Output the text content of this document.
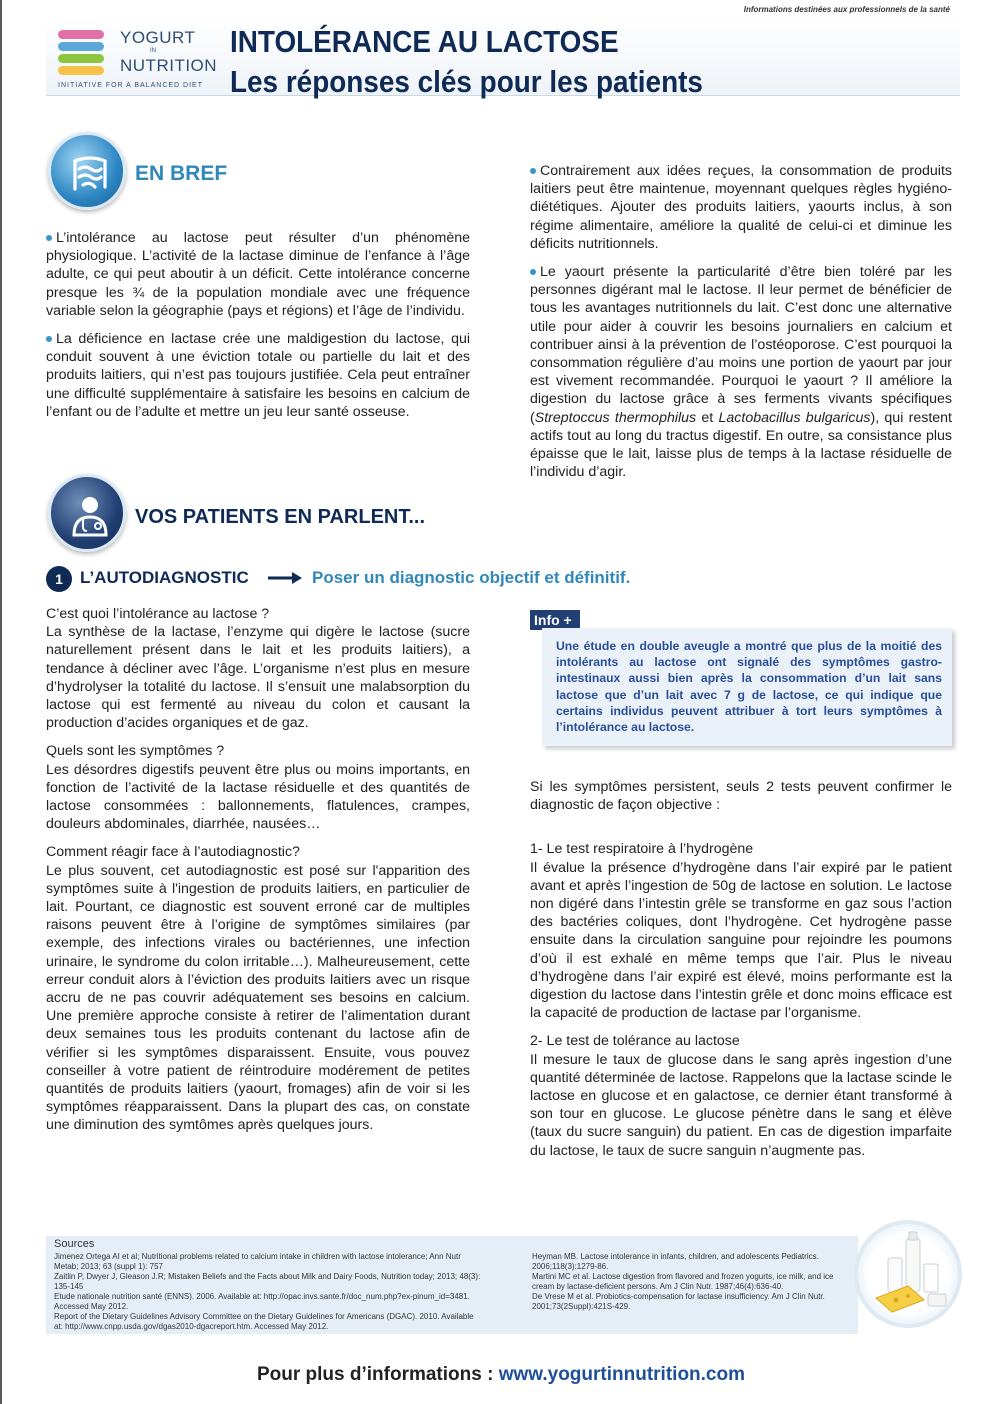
Informations destinées aux professionnels de la santé
YOGURT
IN
NUTRITION
INITIATIVE FOR A BALANCED DIET
INTOLÉRANCE AU LACTOSE
Les réponses clés pour les patients
EN BREF

L’intolérance au lactose peut résulter d’un phénomène physiologique. L’activité de la lactase diminue de l’enfance à l’âge adulte, ce qui peut aboutir à un déficit. Cette intolérance concerne presque les ¾ de la population mondiale avec une fréquence variable selon la géographie (pays et régions) et l’âge de l’individu.

La déficience en lactase crée une maldigestion du lactose, qui conduit souvent à une éviction totale ou partielle du lait et des produits laitiers, qui n’est pas toujours justifiée. Cela peut entraîner une difficulté supplémentaire à satisfaire les besoins en calcium de l’enfant ou de l’adulte et mettre un jeu leur santé osseuse.

Contrairement aux idées reçues, la consommation de produits laitiers peut être maintenue, moyennant quelques règles hygiéno-diététiques. Ajouter des produits laitiers, yaourts inclus, à son régime alimentaire, améliore la qualité de celui-ci et diminue les déficits nutritionnels.

Le yaourt présente la particularité d’être bien toléré par les personnes digérant mal le lactose. Il leur permet de bénéficier de tous les avantages nutritionnels du lait. C’est donc une alternative utile pour aider à couvrir les besoins journaliers en calcium et contribuer ainsi à la prévention de l’ostéoporose. C’est pourquoi la consommation régulière d’au moins une portion de yaourt par jour est vivement recommandée. Pourquoi le yaourt ? Il améliore la digestion du lactose grâce à ses ferments vivants spécifiques (Streptoccus thermophilus et Lactobacillus bulgaricus), qui restent actifs tout au long du tractus digestif. En outre, sa consistance plus épaisse que le lait, laisse plus de temps à la lactase résiduelle de l’individu d’agir.

VOS PATIENTS EN PARLENT...
1	L’AUTODIAGNOSTIC	Poser un diagnostic objectif et définitif.

C’est quoi l’intolérance au lactose ?
La synthèse de la lactase, l’enzyme qui digère le lactose (sucre naturellement présent dans le lait et les produits laitiers), a tendance à décliner avec l’âge. L’organisme n’est plus en mesure d’hydrolyser la totalité du lactose. Il s’ensuit une malabsorption du lactose qui est fermenté au niveau du colon et causant la production d’acides organiques et de gaz.

Quels sont les symptômes ?
Les désordres digestifs peuvent être plus ou moins importants, en fonction de l’activité de la lactase résiduelle et des quantités de lactose consommées : ballonnements, flatulences, crampes, douleurs abdominales, diarrhée, nausées…

Comment réagir face à l’autodiagnostic?
Le plus souvent, cet autodiagnostic est posé sur l'apparition des symptômes suite à l'ingestion de produits laitiers, en particulier de lait. Pourtant, ce diagnostic est souvent erroné car de multiples raisons peuvent être à l’origine de symptômes similaires (par exemple, des infections virales ou bactériennes, une infection urinaire, le syndrome du colon irritable…). Malheureusement, cette erreur conduit alors à l’éviction des produits laitiers avec un risque accru de ne pas couvrir adéquatement ses besoins en calcium. Une première approche consiste à retirer de l’alimentation durant deux semaines tous les produits contenant du lactose afin de vérifier si les symptômes disparaissent. Ensuite, vous pouvez conseiller à votre patient de réintroduire modérement de petites quantités de produits laitiers (yaourt, fromages) afin de voir si les symptômes réapparaissent. Dans la plupart des cas, on constate une diminution des symtômes après quelques jours.

Info +
Une étude en double aveugle a montré que plus de la moitié des intolérants au lactose ont signalé des symptômes gastro-intestinaux aussi bien après la consommation d’un lait sans lactose que d’un lait avec 7 g de lactose, ce qui indique que certains individus peuvent attribuer à tort leurs symptômes à l’intolérance au lactose.

Si les symptômes persistent, seuls 2 tests peuvent confirmer le diagnostic de façon objective :

1- Le test respiratoire à l’hydrogène
Il évalue la présence d’hydrogène dans l’air expiré par le patient avant et après l’ingestion de 50g de lactose en solution. Le lactose non digéré dans l’intestin grêle se transforme en gaz sous l’action des bactéries coliques, dont l’hydrogène. Cet hydrogène passe ensuite dans la circulation sanguine pour rejoindre les poumons d’où il est exhalé en même temps que l’air. Plus le niveau d’hydrogène dans l’air expiré est élevé, moins performante est la digestion du lactose dans l’intestin grêle et donc moins efficace est la capacité de production de lactase par l’organisme.

2- Le test de tolérance au lactose
Il mesure le taux de glucose dans le sang après ingestion d’une quantité déterminée de lactose. Rappelons que la lactase scinde le lactose en glucose et en galactose, ce dernier étant transformé à son tour en glucose. Le glucose pénètre dans le sang et élève (taux du sucre sanguin) du patient. En cas de digestion imparfaite du lactose, le taux de sucre sanguin n’augmente pas.

Sources
Jimenez Ortega AI et al; Nutritional problems related to calcium intake in children with lactose intolerance; Ann Nutr Metab; 2013; 63 (suppl 1): 757
Zaitlin P, Dwyer J, Gleason J.R; Mistaken Beliefs and the Facts about Milk and Dairy Foods, Nutrition today; 2013; 48(3): 135-145
Etude nationale nutrition santé (ENNS). 2006. Available at: http://opac.invs.sante.fr/doc_num.php?ex-pinum_id=3481. Accessed May 2012.
Report of the Dietary Guidelines Advisory Committee on the Dietary Guidelines for Americans (DGAC). 2010. Available at: http://www.cnpp.usda.gov/dgas2010-dgacreport.htm. Accessed May 2012.
Heyman MB. Lactose intolerance in infants, children, and adolescents Pediatrics. 2006;118(3):1279-86.
Martini MC et al. Lactose digestion from flavored and frozen yogurts, ice milk, and ice cream by lactase-deficient persons. Am J Clin Nutr. 1987;46(4):636-40.
De Vrese M et al. Probiotics-compensation for lactase insufficiency. Am J Clin Nutr. 2001;73(2Suppl):421S-429.
Pour plus d’informations : www.yogurtinnutrition.com
